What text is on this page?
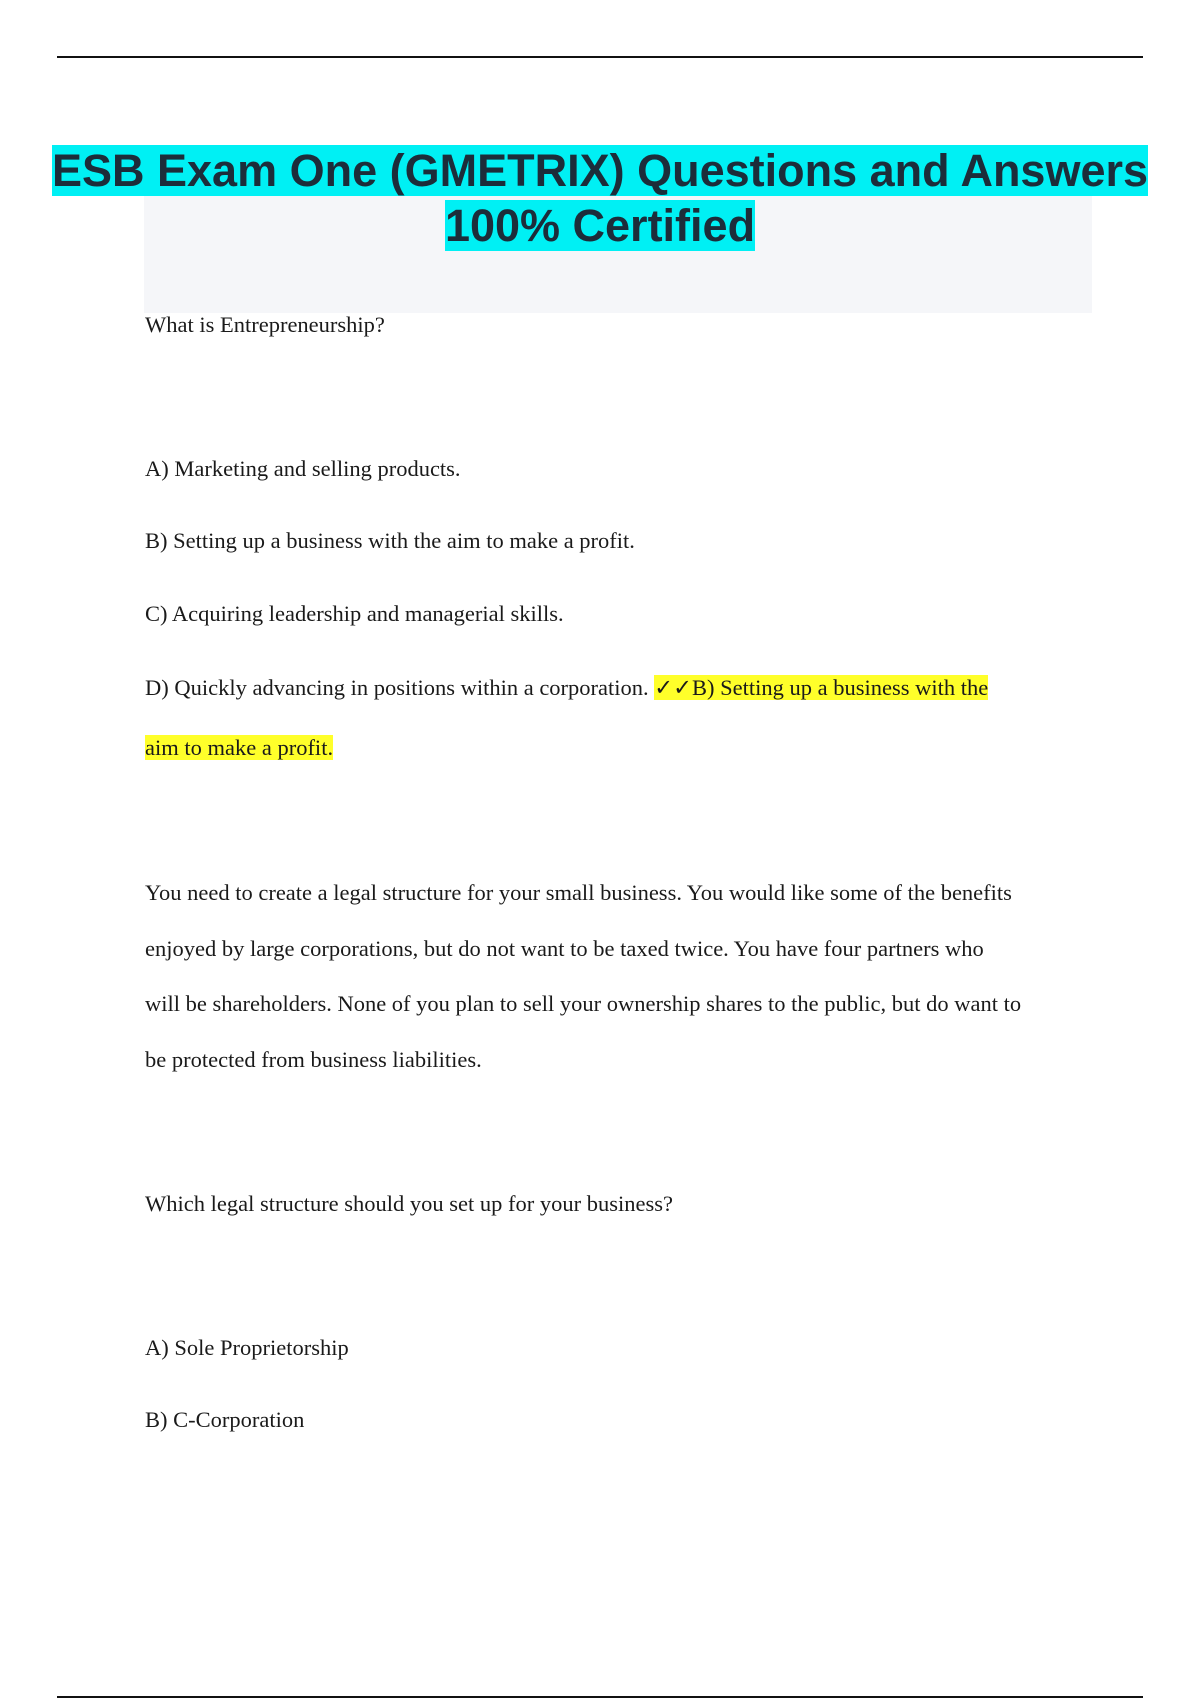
ESB Exam One (GMETRIX) Questions and Answers 100% Certified
What is Entrepreneurship?
A) Marketing and selling products.
B) Setting up a business with the aim to make a profit.
C) Acquiring leadership and managerial skills.
D) Quickly advancing in positions within a corporation. ✓✓B) Setting up a business with the
aim to make a profit.
You need to create a legal structure for your small business. You would like some of the benefits
enjoyed by large corporations, but do not want to be taxed twice. You have four partners who
will be shareholders. None of you plan to sell your ownership shares to the public, but do want to
be protected from business liabilities.
Which legal structure should you set up for your business?
A) Sole Proprietorship
B) C-Corporation
